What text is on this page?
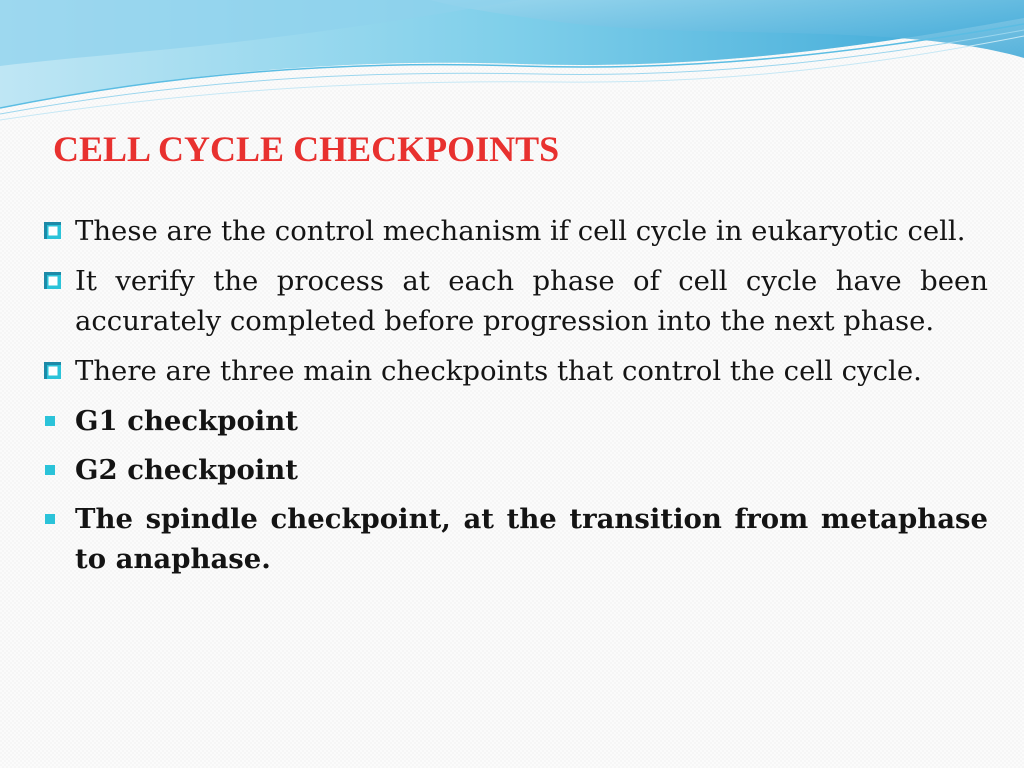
CELL CYCLE CHECKPOINTS
These are the control mechanism if cell cycle in eukaryotic cell.
It verify the process at each phase of cell cycle have been accurately completed before progression into the next phase.
There are three main checkpoints that control the cell cycle.
G1 checkpoint
G2 checkpoint
The spindle checkpoint, at the transition from metaphase to anaphase.
